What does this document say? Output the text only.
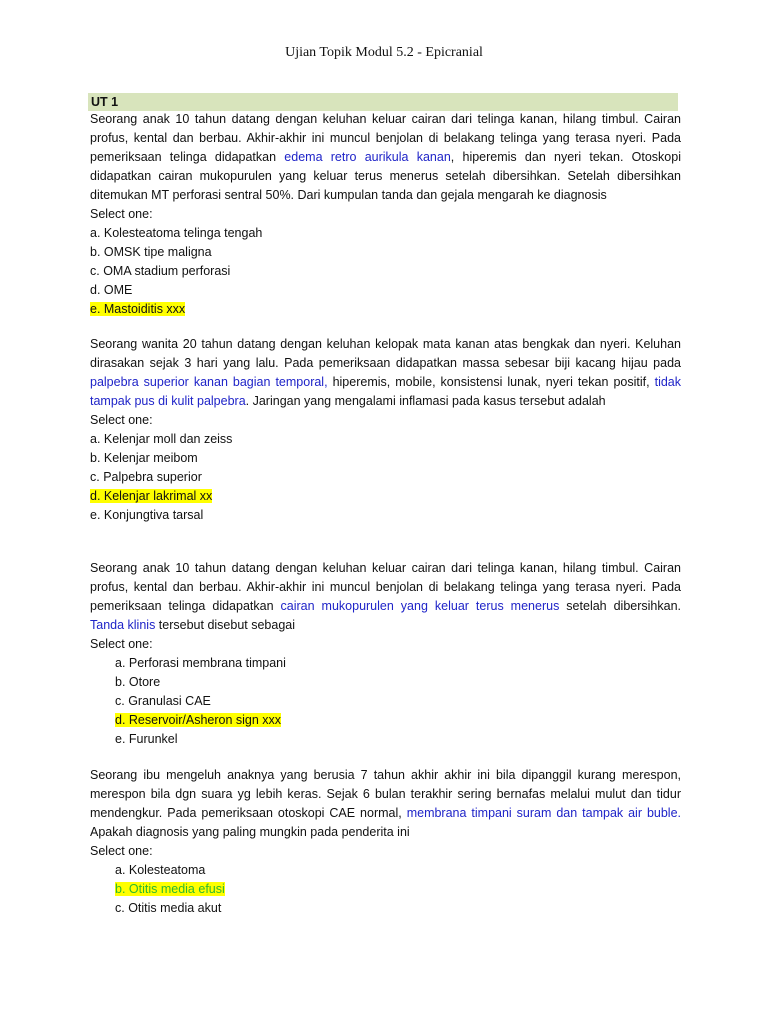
Ujian Topik Modul 5.2 - Epicranial
UT 1

Seorang anak 10 tahun datang dengan keluhan keluar cairan dari telinga kanan, hilang timbul. Cairan profus, kental dan berbau. Akhir-akhir ini muncul benjolan di belakang telinga yang terasa nyeri. Pada pemeriksaan telinga didapatkan edema retro aurikula kanan, hiperemis dan nyeri tekan. Otoskopi didapatkan cairan mukopurulen yang keluar terus menerus setelah dibersihkan. Setelah dibersihkan ditemukan MT perforasi sentral 50%. Dari kumpulan tanda dan gejala mengarah ke diagnosis

Select one:

a. Kolesteatoma telinga tengah

b. OMSK tipe maligna

c. OMA stadium perforasi

d. OME

e. Mastoiditis xxx

Seorang wanita 20 tahun datang dengan keluhan kelopak mata kanan atas bengkak dan nyeri. Keluhan dirasakan sejak 3 hari yang lalu. Pada pemeriksaan didapatkan massa sebesar biji kacang hijau pada palpebra superior kanan bagian temporal, hiperemis, mobile, konsistensi lunak, nyeri tekan positif, tidak tampak pus di kulit palpebra. Jaringan yang mengalami inflamasi pada kasus tersebut adalah

Select one:

a. Kelenjar moll dan zeiss

b. Kelenjar meibom

c. Palpebra superior

d. Kelenjar lakrimal xx

e. Konjungtiva tarsal

Seorang anak 10 tahun datang dengan keluhan keluar cairan dari telinga kanan, hilang timbul. Cairan profus, kental dan berbau. Akhir-akhir ini muncul benjolan di belakang telinga yang terasa nyeri. Pada pemeriksaan telinga didapatkan cairan mukopurulen yang keluar terus menerus setelah dibersihkan. Tanda klinis tersebut disebut sebagai

Select one:

a. Perforasi membrana timpani

b. Otore

c. Granulasi CAE

d. Reservoir/Asheron sign xxx

e. Furunkel

Seorang ibu mengeluh anaknya yang berusia 7 tahun akhir akhir ini bila dipanggil kurang merespon, merespon bila dgn suara yg lebih keras. Sejak 6 bulan terakhir sering bernafas melalui mulut dan tidur mendengkur. Pada pemeriksaan otoskopi CAE normal, membrana timpani suram dan tampak air buble. Apakah diagnosis yang paling mungkin pada penderita ini

Select one:

a. Kolesteatoma

b. Otitis media efusi

c. Otitis media akut
